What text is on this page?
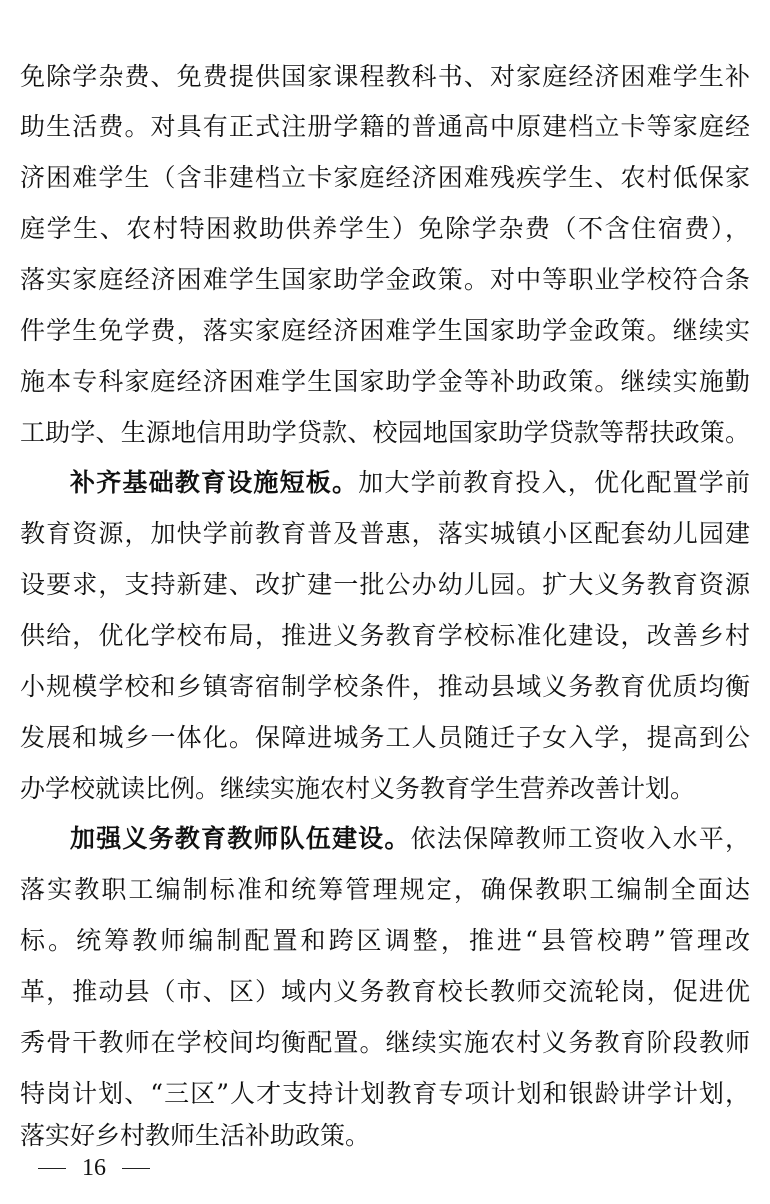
免除学杂费、免费提供国家课程教科书、对家庭经济困难学生补
助生活费。对具有正式注册学籍的普通高中原建档立卡等家庭经
济困难学生（含非建档立卡家庭经济困难残疾学生、农村低保家
庭学生、农村特困救助供养学生）免除学杂费（不含住宿费），
落实家庭经济困难学生国家助学金政策。对中等职业学校符合条
件学生免学费，落实家庭经济困难学生国家助学金政策。继续实
施本专科家庭经济困难学生国家助学金等补助政策。继续实施勤
工助学、生源地信用助学贷款、校园地国家助学贷款等帮扶政策。
补齐基础教育设施短板。加大学前教育投入，优化配置学前
教育资源，加快学前教育普及普惠，落实城镇小区配套幼儿园建
设要求，支持新建、改扩建一批公办幼儿园。扩大义务教育资源
供给，优化学校布局，推进义务教育学校标准化建设，改善乡村
小规模学校和乡镇寄宿制学校条件，推动县域义务教育优质均衡
发展和城乡一体化。保障进城务工人员随迁子女入学，提高到公
办学校就读比例。继续实施农村义务教育学生营养改善计划。
加强义务教育教师队伍建设。依法保障教师工资收入水平，
落实教职工编制标准和统筹管理规定，确保教职工编制全面达
标。统筹教师编制配置和跨区调整，推进“县管校聘”管理改
革，推动县（市、区）域内义务教育校长教师交流轮岗，促进优
秀骨干教师在学校间均衡配置。继续实施农村义务教育阶段教师
特岗计划、“三区”人才支持计划教育专项计划和银龄讲学计划，
落实好乡村教师生活补助政策。
16
